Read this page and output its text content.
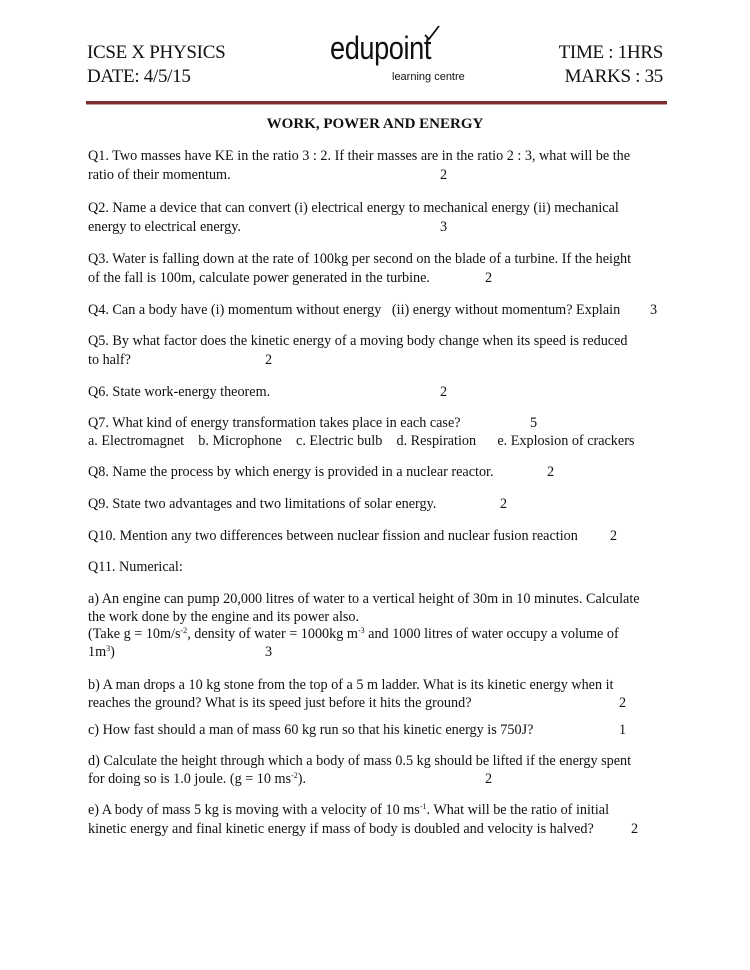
ICSE X PHYSICS
DATE: 4/5/15
TIME : 1HRS
MARKS : 35
edupoint
learning centre
WORK, POWER AND ENERGY
Q1. Two masses have KE in the ratio 3 : 2. If their masses are in the ratio 2 : 3, what will be the
ratio of their momentum.	2
Q2. Name a device that can convert (i) electrical energy to mechanical energy (ii) mechanical
energy to electrical energy.	3
Q3. Water is falling down at the rate of 100kg per second on the blade of a turbine. If the height
of the fall is 100m, calculate power generated in the turbine.	2
Q4. Can a body have (i) momentum without energy   (ii) energy without momentum? Explain 3
Q5. By what factor does the kinetic energy of a moving body change when its speed is reduced
to half?	2
Q6. State work-energy theorem.	2
Q7. What kind of energy transformation takes place in each case?	5
a. Electromagnet    b. Microphone    c. Electric bulb    d. Respiration      e. Explosion of crackers
Q8. Name the process by which energy is provided in a nuclear reactor.	2
Q9. State two advantages and two limitations of solar energy.	2
Q10. Mention any two differences between nuclear fission and nuclear fusion reaction 2
Q11. Numerical:
a) An engine can pump 20,000 litres of water to a vertical height of 30m in 10 minutes. Calculate
the work done by the engine and its power also.
(Take $g = 10m/s^{-2}$, density of water = 1000kg $m^{-3}$ and 1000 litres of water occupy a volume of
$1m^3$)	3
b) A man drops a 10 kg stone from the top of a 5 m ladder. What is its kinetic energy when it
reaches the ground? What is its speed just before it hits the ground?	2
c) How fast should a man of mass 60 kg run so that his kinetic energy is 750J?	1
d) Calculate the height through which a body of mass 0.5 kg should be lifted if the energy spent
for doing so is 1.0 joule. (g = 10 $ms^{-2}$).	2
e) A body of mass 5 kg is moving with a velocity of 10 $ms^{-1}$. What will be the ratio of initial
kinetic energy and final kinetic energy if mass of body is doubled and velocity is halved?	2
